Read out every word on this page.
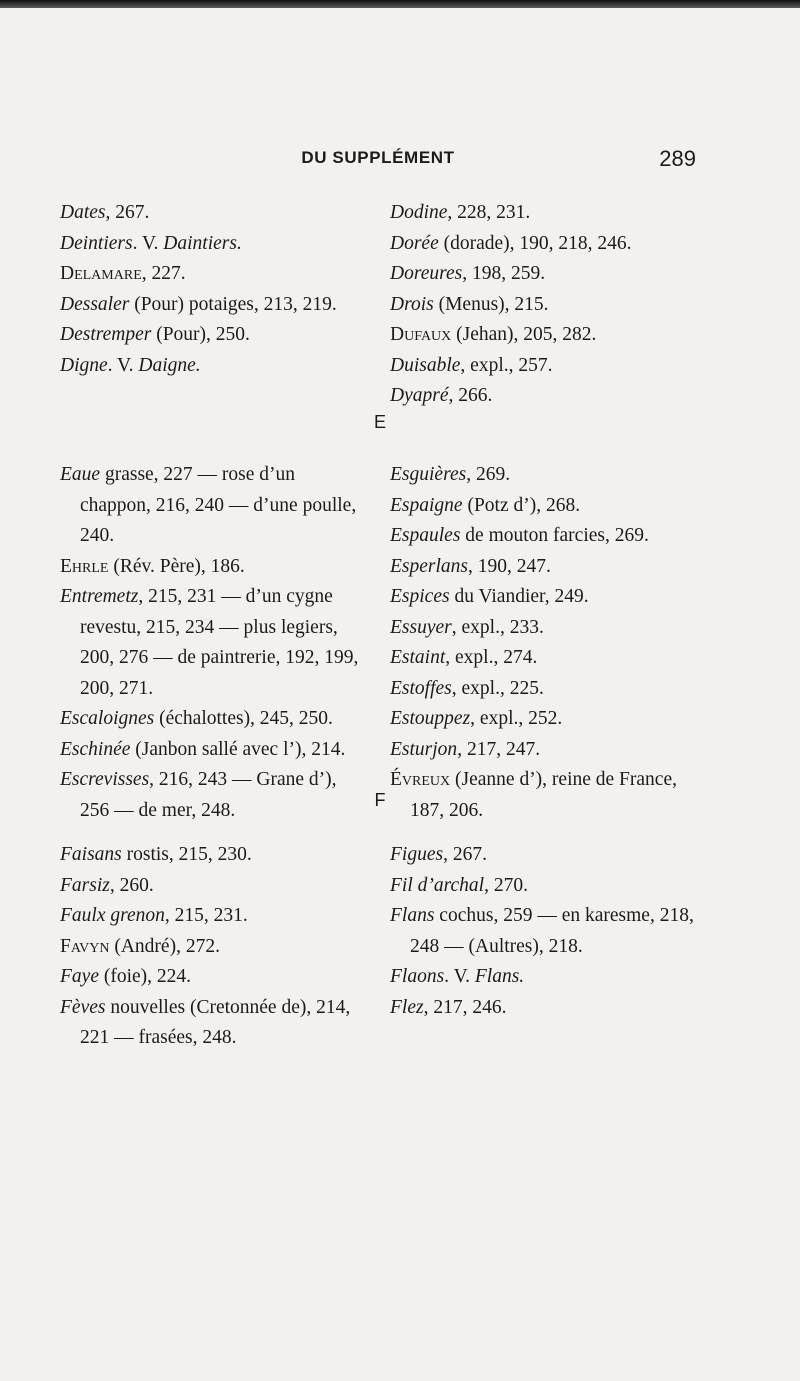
DU SUPPLÉMENT	289
Dates, 267.
Deintiers. V. Daintiers.
Delamare, 227.
Dessaler (Pour) potaiges, 213, 219.
Destremper (Pour), 250.
Digne. V. Daigne.
Dodine, 228, 231.
Dorée (dorade), 190, 218, 246.
Doreures, 198, 259.
Drois (Menus), 215.
Dufaux (Jehan), 205, 282.
Duisable, expl., 257.
Dyapré, 266.
E
Eaue grasse, 227 — rose d’un chappon, 216, 240 — d’une poulle, 240.
Ehrle (Rév. Père), 186.
Entremetz, 215, 231 — d’un cygne revestu, 215, 234 — plus legiers, 200, 276 — de paintrerie, 192, 199, 200, 271.
Escaloignes (échalottes), 245, 250.
Eschinée (Janbon sallé avec l’), 214.
Escrevisses, 216, 243 — Grane d’), 256 — de mer, 248.
Esguières, 269.
Espaigne (Potz d’), 268.
Espaules de mouton farcies, 269.
Esperlans, 190, 247.
Espices du Viandier, 249.
Essuyer, expl., 233.
Estaint, expl., 274.
Estoffes, expl., 225.
Estouppez, expl., 252.
Esturjon, 217, 247.
Évreux (Jeanne d’), reine de France, 187, 206.
F
Faisans rostis, 215, 230.
Farsiz, 260.
Faulx grenon, 215, 231.
Favyn (André), 272.
Faye (foie), 224.
Fèves nouvelles (Cretonnée de), 214, 221 — frasées, 248.
Figues, 267.
Fil d’archal, 270.
Flans cochus, 259 — en karesme, 218, 248 — (Aultres), 218.
Flaons. V. Flans.
Flez, 217, 246.
